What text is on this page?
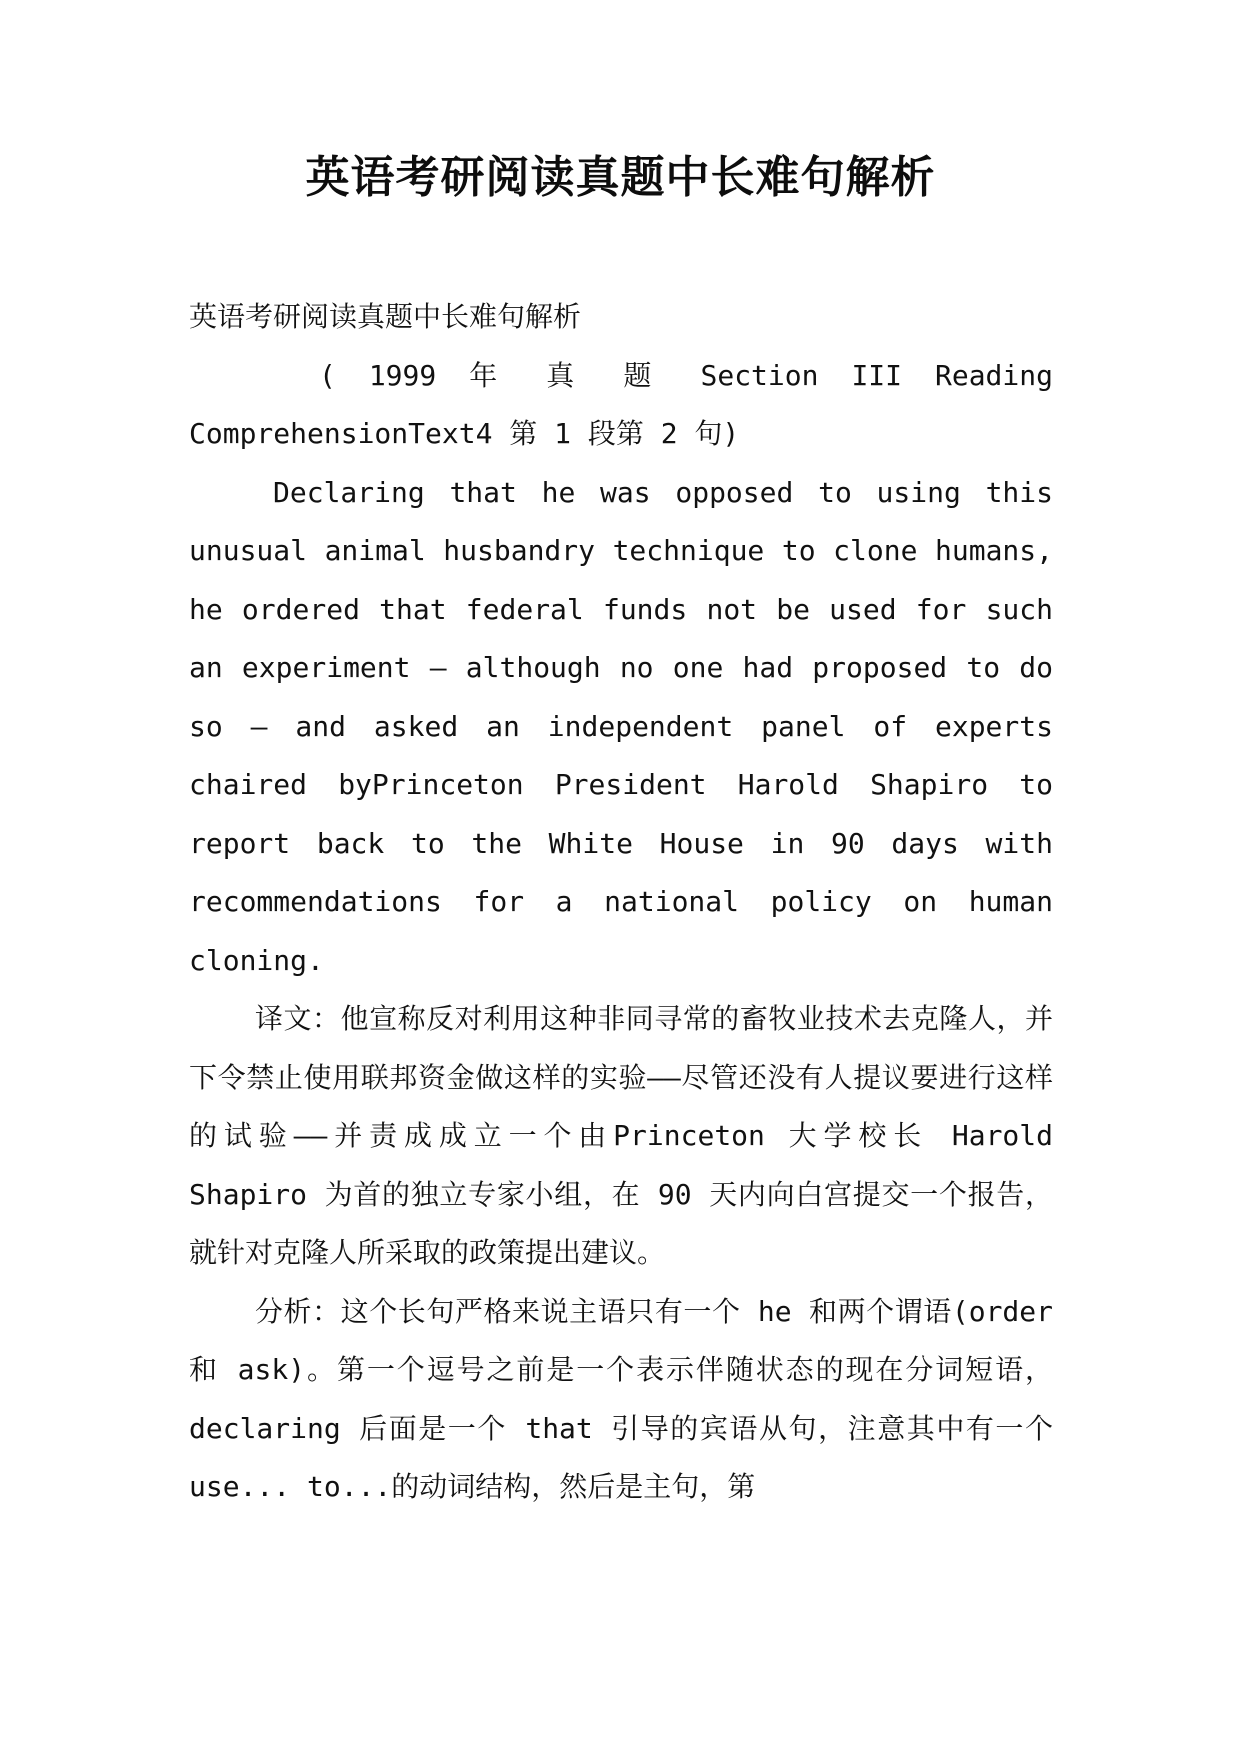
英语考研阅读真题中长难句解析

英语考研阅读真题中长难句解析

( 1999 年 真 题 Section III Reading ComprehensionText4 第 1 段第 2 句)

Declaring that he was opposed to using this unusual animal husbandry technique to clone humans, he ordered that federal funds not be used for such an experiment — although no one had proposed to do so — and asked an independent panel of experts chaired byPrinceton President Harold Shapiro to report back to the White House in 90 days with recommendations for a national policy on human cloning.

译文：他宣称反对利用这种非同寻常的畜牧业技术去克隆人，并下令禁止使用联邦资金做这样的实验——尽管还没有人提议要进行这样的试验——并责成成立一个由Princeton 大学校长 Harold Shapiro 为首的独立专家小组，在 90 天内向白宫提交一个报告，就针对克隆人所采取的政策提出建议。

分析：这个长句严格来说主语只有一个 he 和两个谓语(order 和 ask)。第一个逗号之前是一个表示伴随状态的现在分词短语，declaring 后面是一个 that 引导的宾语从句，注意其中有一个 use... to...的动词结构，然后是主句，第
